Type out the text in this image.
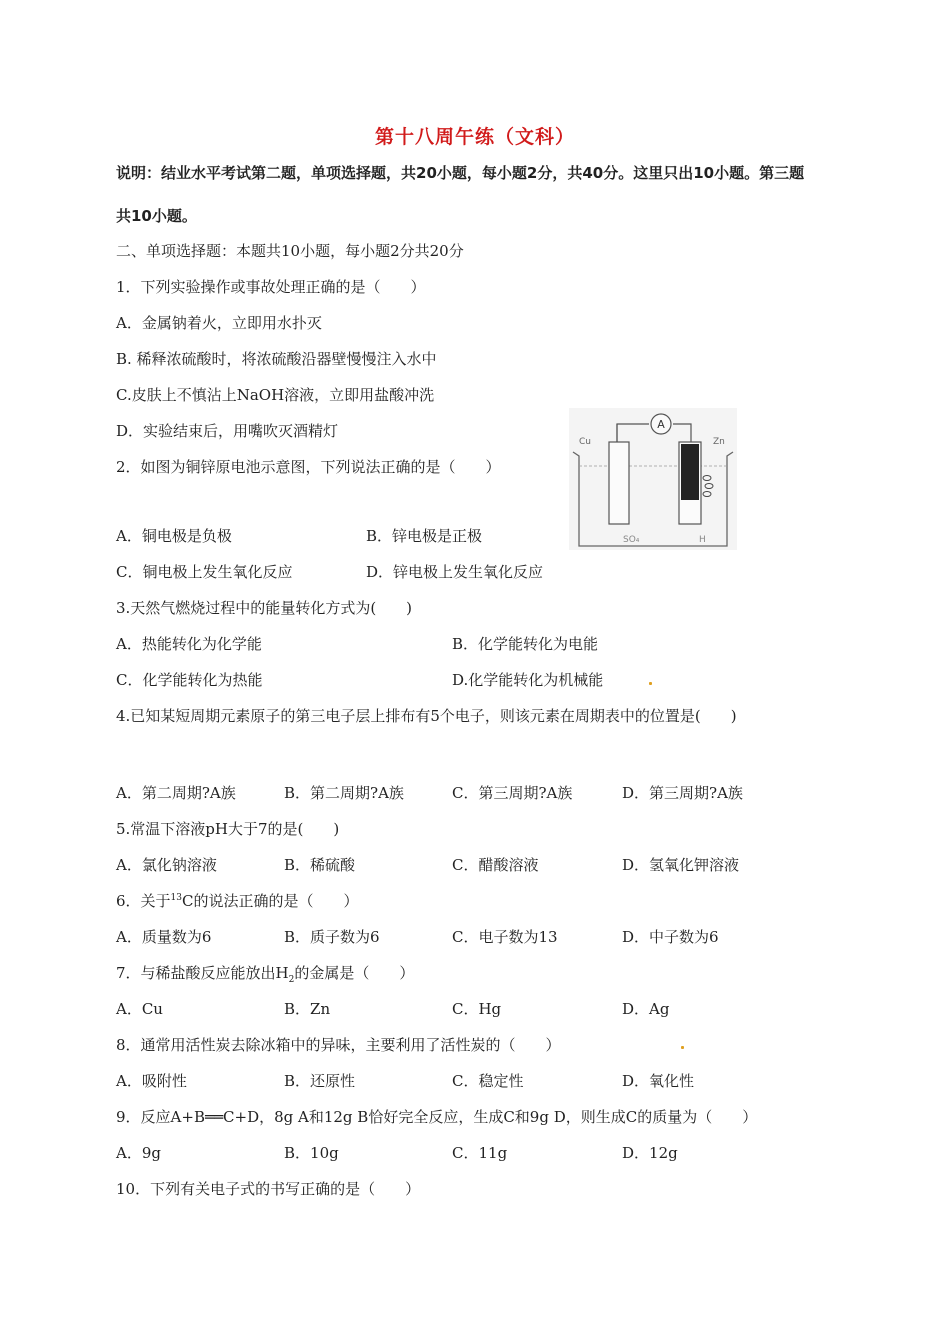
第十八周午练（文科）
说明：结业水平考试第二题，单项选择题，共20小题，每小题2分，共40分。这里只出10小题。第三题
共10小题。
二、单项选择题：本题共10小题，每小题2分共20分
1．下列实验操作或事故处理正确的是（　　）
A．金属钠着火，立即用水扑灭
B. 稀释浓硫酸时，将浓硫酸沿器壁慢慢注入水中
C.皮肤上不慎沾上NaOH溶液，立即用盐酸冲洗
D．实验结束后，用嘴吹灭酒精灯
2．如图为铜锌原电池示意图，下列说法正确的是（　　）
A．铜电极是负极	B．锌电极是正极
C．铜电极上发生氧化反应	D．锌电极上发生氧化反应
A
Cu	Zn
SO₄	H
3.天然气燃烧过程中的能量转化方式为(　　)
A．热能转化为化学能	B．化学能转化为电能
C．化学能转化为热能	D.化学能转化为机械能
4.已知某短周期元素原子的第三电子层上排布有5个电子，则该元素在周期表中的位置是(　　)
A．第二周期?A族	B．第二周期?A族	C．第三周期?A族	D．第三周期?A族
5.常温下溶液pH大于7的是(　　)
A．氯化钠溶液	B．稀硫酸	C．醋酸溶液	D．氢氧化钾溶液
6．关于$^{13}$C的说法正确的是（　　）
A．质量数为6	B．质子数为6	C．电子数为13	D．中子数为6
7．与稀盐酸反应能放出$H_2$的金属是（　　）
A．Cu	B．Zn	C．Hg	D．Ag
8．通常用活性炭去除冰箱中的异味，主要利用了活性炭的（　　）
A．吸附性	B．还原性	C．稳定性	D．氧化性
9．反应A+B══C+D，8g A和12g B恰好完全反应，生成C和9g D，则生成C的质量为（　　）
A．9g	B．10g	C．11g	D．12g
10．下列有关电子式的书写正确的是（　　）
